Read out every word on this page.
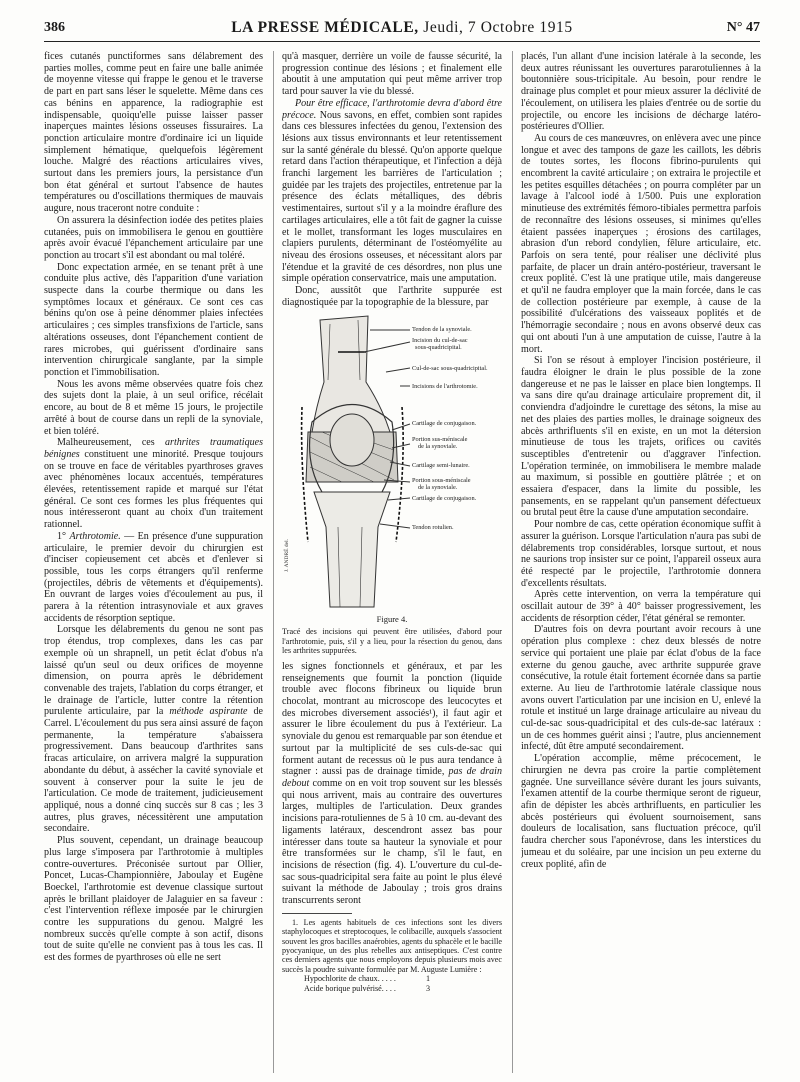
386	LA PRESSE MÉDICALE, Jeudi, 7 Octobre 1915	N° 47

fices cutanés punctiformes sans délabrement des parties molles, comme peut en faire une balle animée de moyenne vitesse qui frappe le genou et le traverse de part en part sans léser le squelette. Même dans ces cas bénins en apparence, la radiographie est indispensable, quoiqu'elle puisse laisser passer inaperçues maintes lésions osseuses fissuraires. La ponction articulaire montre d'ordinaire ici un liquide simplement hématique, quelquefois légèrement louche. Malgré des réactions articulaires vives, surtout dans les premiers jours, la persistance d'un bon état général et surtout l'absence de hautes températures ou d'oscillations thermiques de mauvais augure, nous traceront notre conduite :

On assurera la désinfection iodée des petites plaies cutanées, puis on immobilisera le genou en gouttière après avoir évacué l'épanchement articulaire par une ponction au trocart s'il est abondant ou mal toléré.

Donc expectation armée, en se tenant prêt à une conduite plus active, dès l'apparition d'une variation suspecte dans la courbe thermique ou dans les symptômes locaux et généraux. Ce sont ces cas bénins qu'on ose à peine dénommer plaies infectées articulaires ; ces simples transfixions de l'article, sans altérations osseuses, dont l'épanchement contient de rares microbes, qui guérissent d'ordinaire sans intervention chirurgicale sanglante, par la simple ponction et l'immobilisation.

Nous les avons même observées quatre fois chez des sujets dont la plaie, à un seul orifice, récélait encore, au bout de 8 et même 15 jours, le projectile arrêté à bout de course dans un repli de la synoviale, et bien toléré.

Malheureusement, ces arthrites traumatiques bénignes constituent une minorité. Presque toujours on se trouve en face de véritables pyarthroses graves avec phénomènes locaux accentués, températures élevées, retentissement rapide et marqué sur l'état général. Ce sont ces formes les plus fréquentes qui nous intéresseront quant au choix d'un traitement rationnel.

1° Arthrotomie. — En présence d'une suppuration articulaire, le premier devoir du chirurgien est d'inciser copieusement cet abcès et d'enlever si possible, tous les corps étrangers qu'il renferme (projectiles, débris de vêtements et d'équipements). En ouvrant de larges voies d'écoulement au pus, il parera à la rétention intrasynoviale et aux graves accidents de résorption septique.

Lorsque les délabrements du genou ne sont pas trop étendus, trop complexes, dans les cas par exemple où un shrapnell, un petit éclat d'obus n'a laissé qu'un seul ou deux orifices de moyenne dimension, on pourra après le débridement convenable des trajets, l'ablation du corps étranger, et le drainage de l'article, lutter contre la rétention purulente articulaire, par la méthode aspirante de Carrel. L'écoulement du pus sera ainsi assuré de façon permanente, la température s'abaissera progressivement. Dans beaucoup d'arthrites sans fracas articulaire, on arrivera malgré la suppuration abondante du début, à assécher la cavité synoviale et souvent à conserver pour la suite le jeu de l'articulation. Ce mode de traitement, judicieusement appliqué, nous a donné cinq succès sur 8 cas ; les 3 autres, plus graves, nécessitèrent une amputation secondaire.

Plus souvent, cependant, un drainage beaucoup plus large s'imposera par l'arthrotomie à multiples contre-ouvertures. Préconisée surtout par Ollier, Poncet, Lucas-Championnière, Jaboulay et Eugène Boeckel, l'arthrotomie est devenue classique surtout après le brillant plaidoyer de Jalaguier en sa faveur : c'est l'intervention réflexe imposée par le chirurgien contre les suppurations du genou. Malgré les nombreux succès qu'elle compte à son actif, disons tout de suite qu'elle ne convient pas à tous les cas. Il est des formes de pyarthroses où elle ne sert

qu'à masquer, derrière un voile de fausse sécurité, la progression continue des lésions ; et finalement elle aboutit à une amputation qui peut même arriver trop tard pour sauver la vie du blessé.

Pour être efficace, l'arthrotomie devra d'abord être précoce. Nous savons, en effet, combien sont rapides dans ces blessures infectées du genou, l'extension des lésions aux tissus environnants et leur retentissement sur la santé générale du blessé. Qu'on apporte quelque retard dans l'action thérapeutique, et l'infection a déjà franchi largement les barrières de l'articulation ; guidée par les trajets des projectiles, entretenue par la présence des éclats métalliques, des débris vestimentaires, surtout s'il y a la moindre éraflure des cartilages articulaires, elle a tôt fait de gagner la cuisse et le mollet, transformant les loges musculaires en clapiers purulents, déterminant de l'ostéomyélite au niveau des érosions osseuses, et nécessitant alors par l'étendue et la gravité de ces désordres, non plus une simple opération conservatrice, mais une amputation.

Donc, aussitôt que l'arthrite suppurée est diagnostiquée par la topographie de la blessure, par

J. ANDRÉ del.
Tendon de la synoviale.
Incision du cul-de-sac
sous-quadricipital.
Cul-de-sac sous-quadricipital.
Incisions de l'arthrotomie.
Cartilage de conjugaison.
Portion sus-méniscale
de la synoviale.
Cartilage semi-lunaire.
Portion sous-méniscale
de la synoviale.
Cartilage de conjugaison.
Tendon rotulien.
Figure 4.
Tracé des incisions qui peuvent être utilisées, d'abord pour l'arthrotomie, puis, s'il y a lieu, pour la résection du genou, dans les arthrites suppurées.

les signes fonctionnels et généraux, et par les renseignements que fournit la ponction (liquide trouble avec flocons fibrineux ou liquide brun chocolat, montrant au microscope des leucocytes et des microbes diversement associés¹), il faut agir et assurer le libre écoulement du pus à l'extérieur. La synoviale du genou est remarquable par son étendue et surtout par la multiplicité de ses culs-de-sac qui forment autant de recessus où le pus aura tendance à stagner : aussi pas de drainage timide, pas de drain debout comme on en voit trop souvent sur les blessés qui nous arrivent, mais au contraire des ouvertures larges, multiples de l'articulation. Deux grandes incisions para-rotuliennes de 5 à 10 cm. au-devant des ligaments latéraux, descendront assez bas pour intéresser dans toute sa hauteur la synoviale et pour être transformées sur le champ, s'il le faut, en incisions de résection (fig. 4). L'ouverture du cul-de-sac sous-quadricipital sera faite au point le plus élevé suivant la méthode de Jaboulay ; trois gros drains transcurrents seront

1. Les agents habituels de ces infections sont les divers staphylocoques et streptocoques, le colibacille, auxquels s'associent souvent les gros bacilles anaérobies, agents du sphacèle et le bacille pyocyanique, un des plus rebelles aux antiseptiques. C'est contre ces derniers agents que nous employons depuis plusieurs mois avec succès la poudre suivante formulée par M. Auguste Lumière :
Hypochlorite de chaux. . . . .	1
Acide borique pulvérisé. . . .	3

placés, l'un allant d'une incision latérale à la seconde, les deux autres réunissant les ouvertures pararotuliennes à la boutonnière sous-tricipitale. Au besoin, pour rendre le drainage plus complet et pour mieux assurer la déclivité de l'écoulement, on utilisera les plaies d'entrée ou de sortie du projectile, ou encore les incisions de décharge latéro-postérieures d'Ollier.

Au cours de ces manœuvres, on enlèvera avec une pince longue et avec des tampons de gaze les caillots, les débris de toutes sortes, les flocons fibrino-purulents qui encombrent la cavité articulaire ; on extraira le projectile et les petites esquilles détachées ; on pourra compléter par un lavage à l'alcool iodé à 1/500. Puis une exploration minutieuse des extrémités fémoro-tibiales permettra parfois de reconnaître des lésions osseuses, si minimes qu'elles étaient passées inaperçues ; érosions des cartilages, abrasion d'un rebord condylien, fêlure articulaire, etc. Parfois on sera tenté, pour réaliser une déclivité plus parfaite, de placer un drain antéro-postérieur, traversant le creux poplité. C'est là une pratique utile, mais dangereuse et qu'il ne faudra employer que la main forcée, dans le cas de collection postérieure par exemple, à cause de la possibilité d'ulcérations des vaisseaux poplités et de l'hémorragie secondaire ; nous en avons observé deux cas qui ont abouti l'un à une amputation de cuisse, l'autre à la mort.

Si l'on se résout à employer l'incision postérieure, il faudra éloigner le drain le plus possible de la zone dangereuse et ne pas le laisser en place bien longtemps. Il va sans dire qu'au drainage articulaire proprement dit, il conviendra d'adjoindre le curettage des sétons, la mise au net des plaies des parties molles, le drainage soigneux des abcès arthrifluents s'il en existe, en un mot la détersion minutieuse de tous les trajets, orifices ou cavités susceptibles d'entretenir ou d'aggraver l'infection. L'opération terminée, on immobilisera le membre malade au maximum, si possible en gouttière plâtrée ; et on essaiera d'espacer, dans la limite du possible, les pansements, en se rappelant qu'un pansement défectueux ou brutal peut être la cause d'une amputation secondaire.

Pour nombre de cas, cette opération économique suffit à assurer la guérison. Lorsque l'articulation n'aura pas subi de délabrements trop considérables, lorsque surtout, et nous ne saurions trop insister sur ce point, l'appareil osseux aura été respecté par le projectile, l'arthrotomie donnera d'excellents résultats.

Après cette intervention, on verra la température qui oscillait autour de 39° à 40° baisser progressivement, les accidents de résorption céder, l'état général se remonter.

D'autres fois on devra pourtant avoir recours à une opération plus complexe : chez deux blessés de notre service qui portaient une plaie par éclat d'obus de la face externe du genou gauche, avec arthrite suppurée grave consécutive, la rotule était fortement écornée dans sa partie externe. Au lieu de l'arthrotomie latérale classique nous avons ouvert l'articulation par une incision en U, enlevé la rotule et institué un large drainage articulaire au niveau du cul-de-sac sous-quadricipital et des culs-de-sac latéraux : un de ces hommes guérit ainsi ; l'autre, plus anciennement infecté, dût être amputé secondairement.

L'opération accomplie, même précocement, le chirurgien ne devra pas croire la partie complètement gagnée. Une surveillance sévère durant les jours suivants, l'examen attentif de la courbe thermique seront de rigueur, afin de dépister les abcès arthrifluents, en particulier les abcès postérieurs qui évoluent sournoisement, sans douleurs de localisation, sans fluctuation précoce, qu'il faudra chercher sous l'aponévrose, dans les interstices du jumeau et du soléaire, par une incision un peu externe du creux poplité, afin de
